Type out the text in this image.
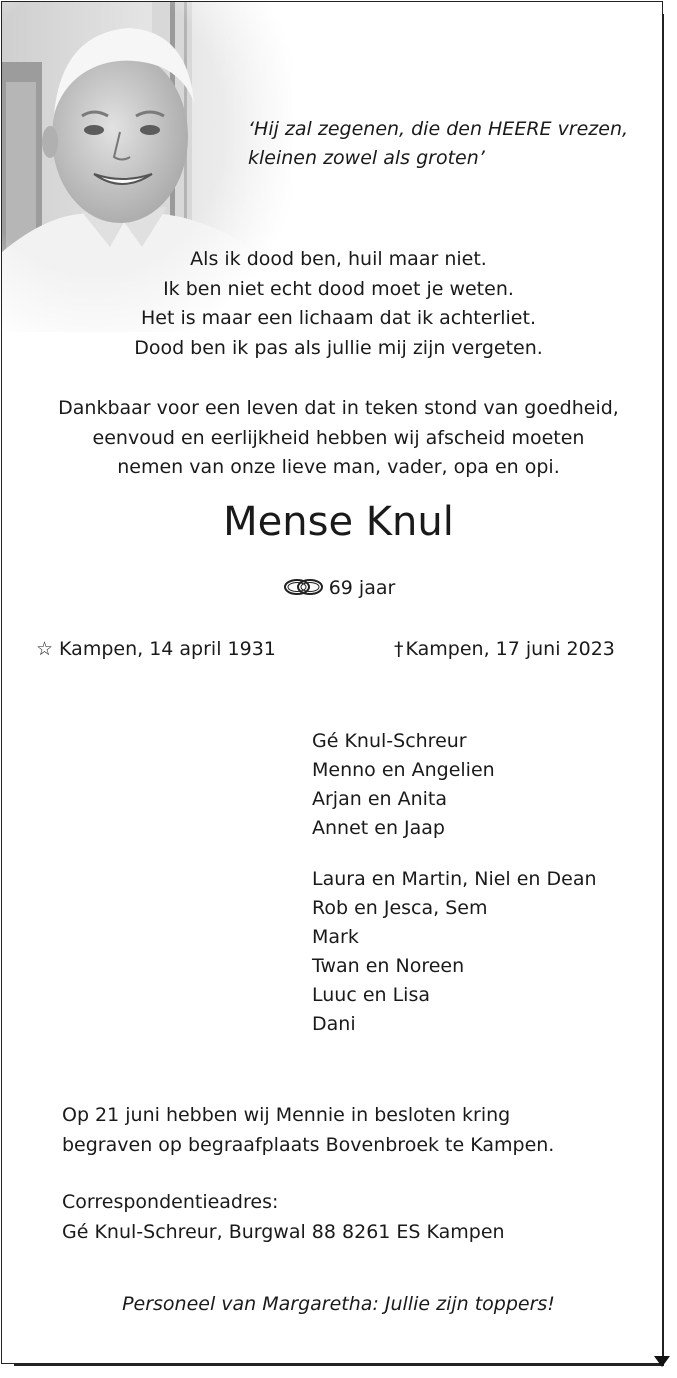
‘Hij zal zegenen, die den HEERE vrezen,
kleinen zowel als groten’
Als ik dood ben, huil maar niet.
Ik ben niet echt dood moet je weten.
Het is maar een lichaam dat ik achterliet.
Dood ben ik pas als jullie mij zijn vergeten.
Dankbaar voor een leven dat in teken stond van goedheid,
eenvoud en eerlijkheid hebben wij afscheid moeten
nemen van onze lieve man, vader, opa en opi.
Mense Knul
69 jaar
☆ Kampen, 14 april 1931	† Kampen, 17 juni 2023
Gé Knul-Schreur
Menno en Angelien
Arjan en Anita
Annet en Jaap
Laura en Martin, Niel en Dean
Rob en Jesca, Sem
Mark
Twan en Noreen
Luuc en Lisa
Dani
Op 21 juni hebben wij Mennie in besloten kring
begraven op begraafplaats Bovenbroek te Kampen.
Correspondentieadres:
Gé Knul-Schreur, Burgwal 88 8261 ES Kampen
Personeel van Margaretha: Jullie zijn toppers!
